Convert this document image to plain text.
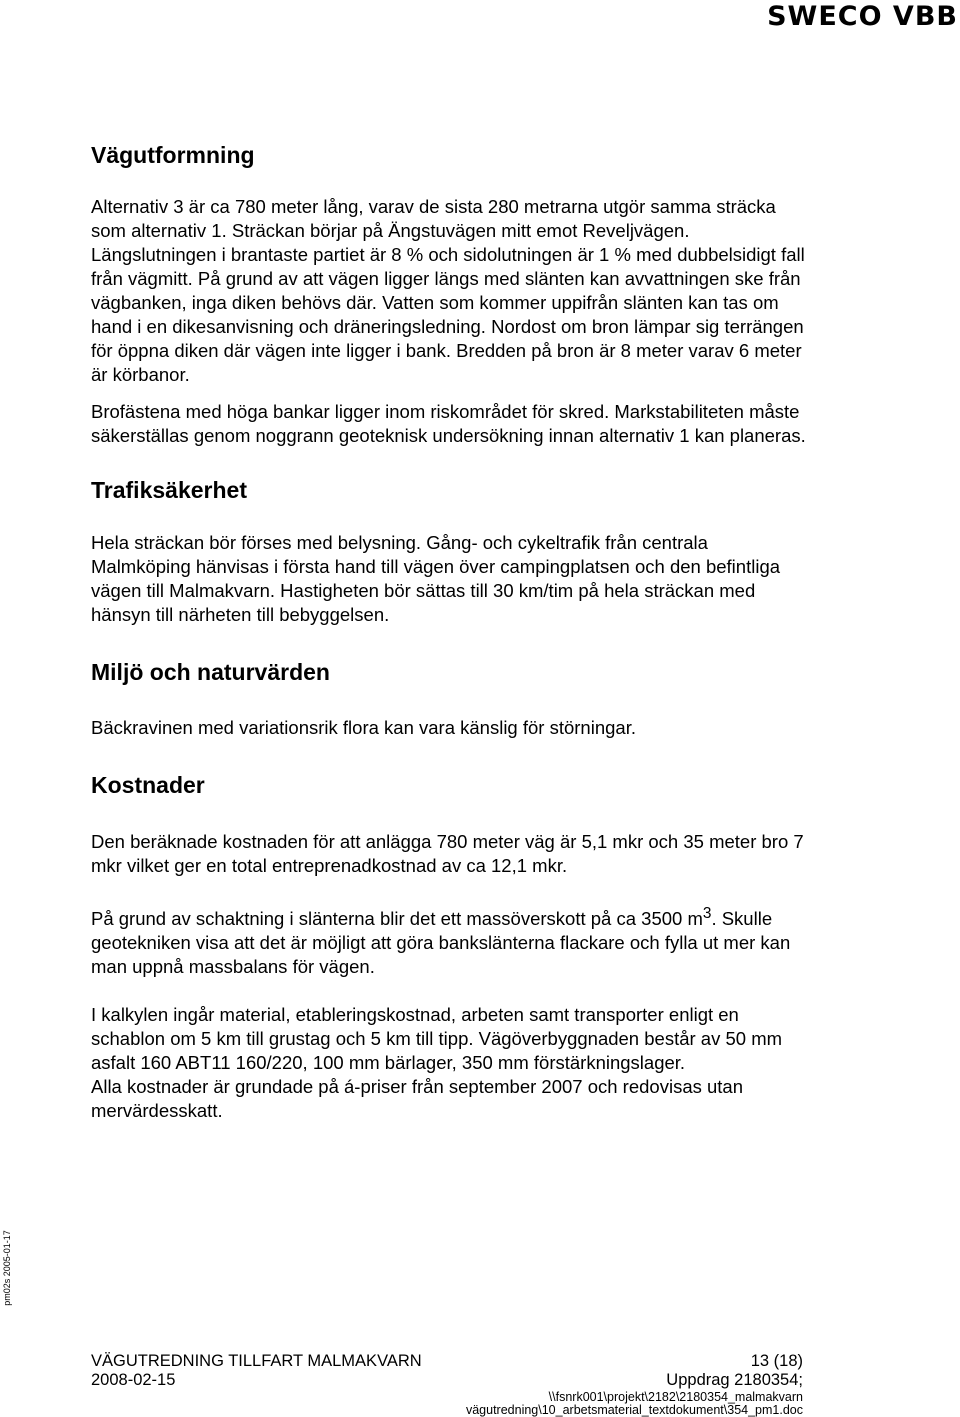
SWECO VBB
Vägutformning

Alternativ 3 är ca 780 meter lång, varav de sista 280 metrarna utgör samma sträcka som alternativ 1. Sträckan börjar på Ängstuvägen mitt emot Reveljvägen. Längslutningen i brantaste partiet är 8 % och sidolutningen är 1 % med dubbelsidigt fall från vägmitt. På grund av att vägen ligger längs med slänten kan avvattningen ske från vägbanken, inga diken behövs där. Vatten som kommer uppifrån slänten kan tas om hand i en dikesanvisning och dräneringsledning. Nordost om bron lämpar sig terrängen för öppna diken där vägen inte ligger i bank. Bredden på bron är 8 meter varav 6 meter är körbanor.

Brofästena med höga bankar ligger inom riskområdet för skred. Markstabiliteten måste säkerställas genom noggrann geoteknisk undersökning innan alternativ 1 kan planeras.

Trafiksäkerhet

Hela sträckan bör förses med belysning. Gång- och cykeltrafik från centrala Malmköping hänvisas i första hand till vägen över campingplatsen och den befintliga vägen till Malmakvarn. Hastigheten bör sättas till 30 km/tim på hela sträckan med hänsyn till närheten till bebyggelsen.

Miljö och naturvärden

Bäckravinen med variationsrik flora kan vara känslig för störningar.

Kostnader

Den beräknade kostnaden för att anlägga 780 meter väg är 5,1 mkr och 35 meter bro 7 mkr vilket ger en total entreprenadkostnad av ca 12,1 mkr.

På grund av schaktning i slänterna blir det ett massöverskott på ca 3500 $m^3$. Skulle geotekniken visa att det är möjligt att göra bankslänterna flackare och fylla ut mer kan man uppnå massbalans för vägen.

I kalkylen ingår material, etableringskostnad, arbeten samt transporter enligt en schablon om 5 km till grustag och 5 km till tipp. Vägöverbyggnaden består av 50 mm asfalt 160 ABT11 160/220, 100 mm bärlager, 350 mm förstärkningslager.

Alla kostnader är grundade på á-priser från september 2007 och redovisas utan mervärdesskatt.

pm02s 2005-01-17
VÄGUTREDNING TILLFART MALMAKVARN	13 (18)
2008-02-15	Uppdrag 2180354;
\\fsnrk001\projekt\2182\2180354_malmakvarn
vägutredning\10_arbetsmaterial_textdokument\354_pm1.doc
